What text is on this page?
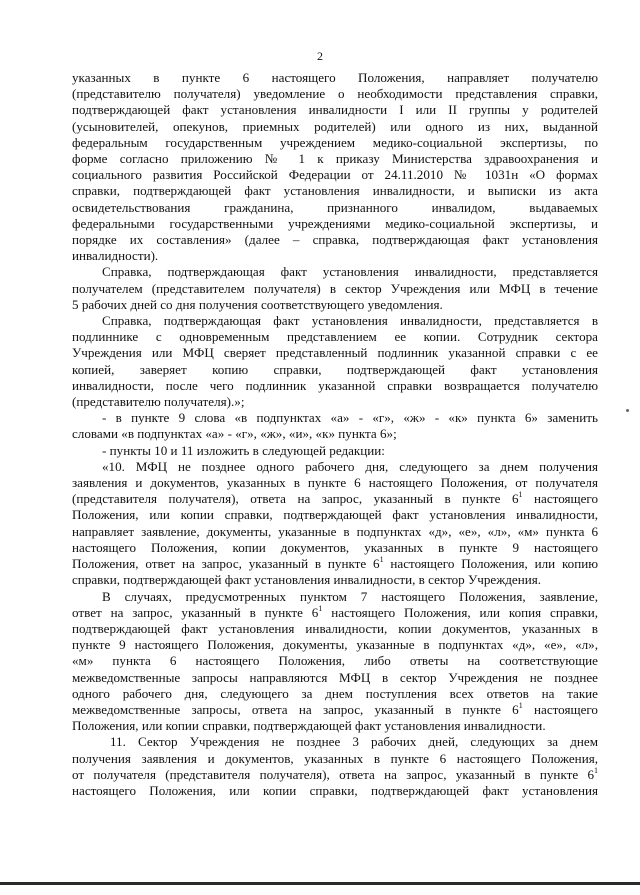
2
указанных в пункте 6 настоящего Положения, направляет получателю
(представителю получателя) уведомление о необходимости представления справки,
подтверждающей факт установления инвалидности I или II группы у родителей
(усыновителей, опекунов, приемных родителей) или одного из них, выданной
федеральным государственным учреждением медико-социальной экспертизы, по
форме согласно приложению № 1 к приказу Министерства здравоохранения и
социального развития Российской Федерации от 24.11.2010 № 1031н «О формах
справки, подтверждающей факт установления инвалидности, и выписки из акта
освидетельствования гражданина, признанного инвалидом, выдаваемых
федеральными государственными учреждениями медико-социальной экспертизы, и
порядке их составления» (далее – справка, подтверждающая факт установления
инвалидности).
Справка, подтверждающая факт установления инвалидности, представляется
получателем (представителем получателя) в сектор Учреждения или МФЦ в течение
5 рабочих дней со дня получения соответствующего уведомления.
Справка, подтверждающая факт установления инвалидности, представляется в
подлиннике с одновременным представлением ее копии. Сотрудник сектора
Учреждения или МФЦ сверяет представленный подлинник указанной справки с ее
копией, заверяет копию справки, подтверждающей факт установления
инвалидности, после чего подлинник указанной справки возвращается получателю
(представителю получателя).»;
- в пункте 9 слова «в подпунктах «а» - «г», «ж» - «к» пункта 6» заменить
словами «в подпунктах «а» - «г», «ж», «и», «к» пункта 6»;
- пункты 10 и 11 изложить в следующей редакции:
«10. МФЦ не позднее одного рабочего дня, следующего за днем получения
заявления и документов, указанных в пункте 6 настоящего Положения, от получателя
(представителя получателя), ответа на запрос, указанный в пункте $6^1$ настоящего
Положения, или копии справки, подтверждающей факт установления инвалидности,
направляет заявление, документы, указанные в подпунктах «д», «е», «л», «м» пункта 6
настоящего Положения, копии документов, указанных в пункте 9 настоящего
Положения, ответ на запрос, указанный в пункте $6^1$ настоящего Положения, или копию
справки, подтверждающей факт установления инвалидности, в сектор Учреждения.
В случаях, предусмотренных пунктом 7 настоящего Положения, заявление,
ответ на запрос, указанный в пункте $6^1$ настоящего Положения, или копия справки,
подтверждающей факт установления инвалидности, копии документов, указанных в
пункте 9 настоящего Положения, документы, указанные в подпунктах «д», «е», «л»,
«м» пункта 6 настоящего Положения, либо ответы на соответствующие
межведомственные запросы направляются МФЦ в сектор Учреждения не позднее
одного рабочего дня, следующего за днем поступления всех ответов на такие
межведомственные запросы, ответа на запрос, указанный в пункте $6^1$ настоящего
Положения, или копии справки, подтверждающей факт установления инвалидности.
11. Сектор Учреждения не позднее 3 рабочих дней, следующих за днем
получения заявления и документов, указанных в пункте 6 настоящего Положения,
от получателя (представителя получателя), ответа на запрос, указанный в пункте $6^1$
настоящего Положения, или копии справки, подтверждающей факт установления
